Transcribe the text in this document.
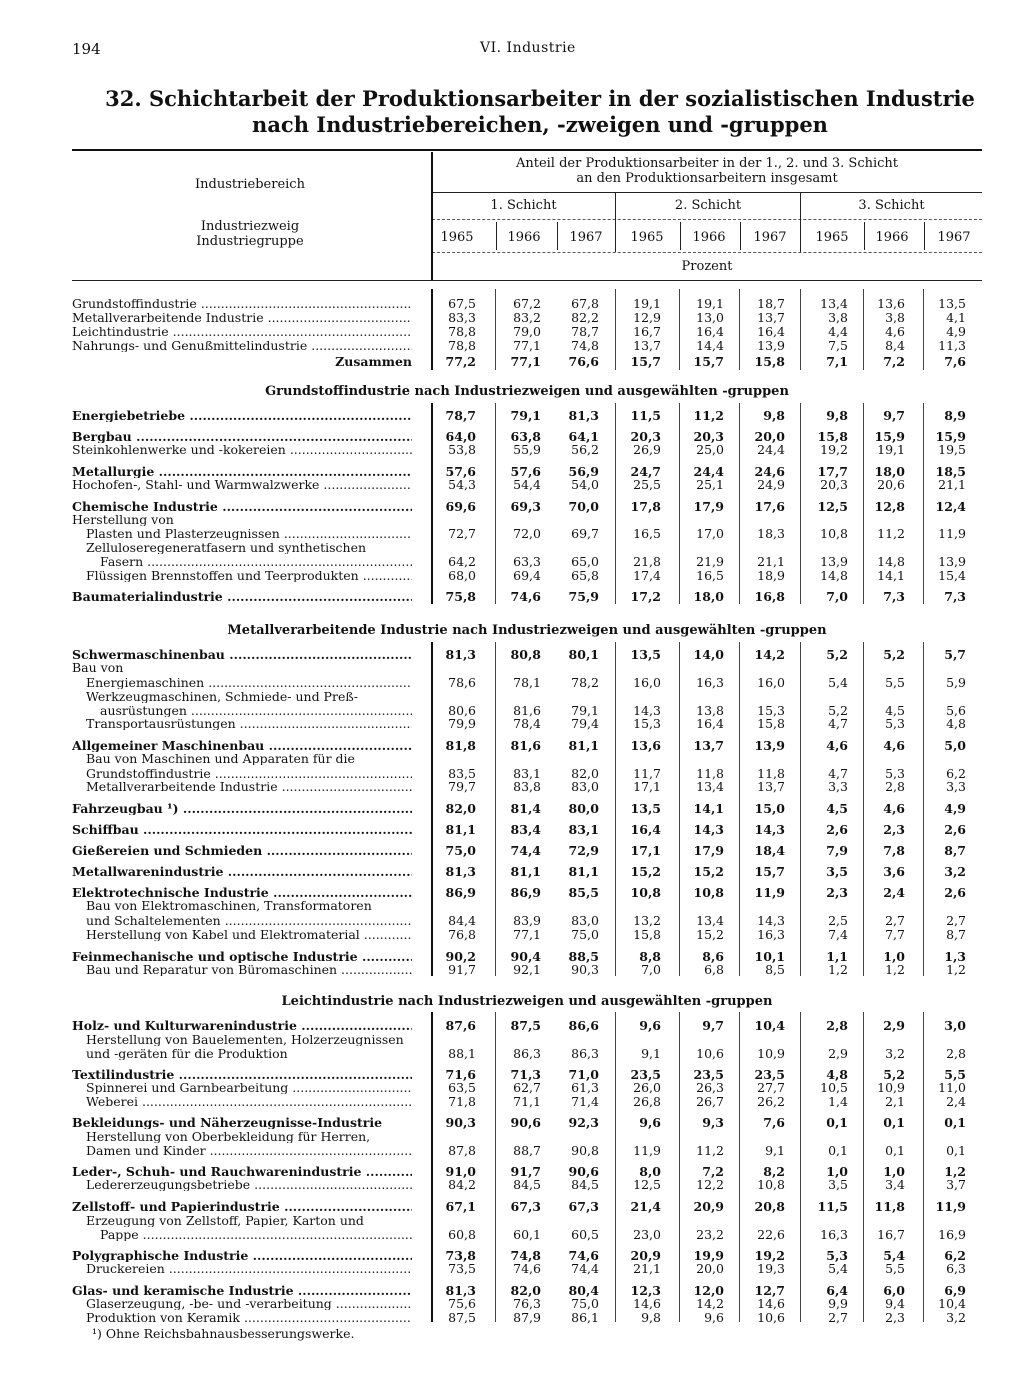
194	VI. Industrie
32. Schichtarbeit der Produktionsarbeiter in der sozialistischen Industrie
nach Industriebereichen, -zweigen und -gruppen
Industriebereich
Industriezweig
Industriegruppe
Anteil der Produktionsarbeiter in der 1., 2. und 3. Schicht
an den Produktionsarbeitern insgesamt
1. Schicht	2. Schicht	3. Schicht
1965	1966	1967	1965	1966	1967	1965	1966	1967
Prozent
Grundstoffindustrie nach Industriezweigen und ausgewählten -gruppen
Metallverarbeitende Industrie nach Industriezweigen und ausgewählten -gruppen
Leichtindustrie nach Industriezweigen und ausgewählten -gruppen
Grundstoffindustrie .....	67,5	67,2	67,8	19,1	19,1	18,7	13,4	13,6	13,5
Metallverarbeitende Industrie .....	83,3	83,2	82,2	12,9	13,0	13,7	3,8	3,8	4,1
Leichtindustrie .....	78,8	79,0	78,7	16,7	16,4	16,4	4,4	4,6	4,9
Nahrungs- und Genußmittelindustrie .....	78,8	77,1	74,8	13,7	14,4	13,9	7,5	8,4	11,3
Zusammen	77,2	77,1	76,6	15,7	15,7	15,8	7,1	7,2	7,6
Energiebetriebe .....	78,7	79,1	81,3	11,5	11,2	9,8	9,8	9,7	8,9
Bergbau .....	64,0	63,8	64,1	20,3	20,3	20,0	15,8	15,9	15,9
Steinkohlenwerke und -kokereien .....	53,8	55,9	56,2	26,9	25,0	24,4	19,2	19,1	19,5
Metallurgie .....	57,6	57,6	56,9	24,7	24,4	24,6	17,7	18,0	18,5
Hochofen-, Stahl- und Warmwalzwerke .....	54,3	54,4	54,0	25,5	25,1	24,9	20,3	20,6	21,1
Chemische Industrie .....	69,6	69,3	70,0	17,8	17,9	17,6	12,5	12,8	12,4
Herstellung von
Plasten und Plasterzeugnissen .....	72,7	72,0	69,7	16,5	17,0	18,3	10,8	11,2	11,9
Zelluloseregeneratfasern und synthetischen
Fasern .....	64,2	63,3	65,0	21,8	21,9	21,1	13,9	14,8	13,9
Flüssigen Brennstoffen und Teerprodukten .....	68,0	69,4	65,8	17,4	16,5	18,9	14,8	14,1	15,4
Baumaterialindustrie .....	75,8	74,6	75,9	17,2	18,0	16,8	7,0	7,3	7,3
Schwermaschinenbau .....	81,3	80,8	80,1	13,5	14,0	14,2	5,2	5,2	5,7
Bau von
Energiemaschinen .....	78,6	78,1	78,2	16,0	16,3	16,0	5,4	5,5	5,9
Werkzeugmaschinen, Schmiede- und Preß-
ausrüstungen .....	80,6	81,6	79,1	14,3	13,8	15,3	5,2	4,5	5,6
Transportausrüstungen .....	79,9	78,4	79,4	15,3	16,4	15,8	4,7	5,3	4,8
Allgemeiner Maschinenbau .....	81,8	81,6	81,1	13,6	13,7	13,9	4,6	4,6	5,0
Bau von Maschinen und Apparaten für die
Grundstoffindustrie .....	83,5	83,1	82,0	11,7	11,8	11,8	4,7	5,3	6,2
Metallverarbeitende Industrie .....	79,7	83,8	83,0	17,1	13,4	13,7	3,3	2,8	3,3
Fahrzeugbau ¹) .....	82,0	81,4	80,0	13,5	14,1	15,0	4,5	4,6	4,9
Schiffbau .....	81,1	83,4	83,1	16,4	14,3	14,3	2,6	2,3	2,6
Gießereien und Schmieden .....	75,0	74,4	72,9	17,1	17,9	18,4	7,9	7,8	8,7
Metallwarenindustrie .....	81,3	81,1	81,1	15,2	15,2	15,7	3,5	3,6	3,2
Elektrotechnische Industrie .....	86,9	86,9	85,5	10,8	10,8	11,9	2,3	2,4	2,6
Bau von Elektromaschinen, Transformatoren
und Schaltelementen .....	84,4	83,9	83,0	13,2	13,4	14,3	2,5	2,7	2,7
Herstellung von Kabel und Elektromaterial .....	76,8	77,1	75,0	15,8	15,2	16,3	7,4	7,7	8,7
Feinmechanische und optische Industrie .....	90,2	90,4	88,5	8,8	8,6	10,1	1,1	1,0	1,3
Bau und Reparatur von Büromaschinen .....	91,7	92,1	90,3	7,0	6,8	8,5	1,2	1,2	1,2
Holz- und Kulturwarenindustrie .....	87,6	87,5	86,6	9,6	9,7	10,4	2,8	2,9	3,0
Herstellung von Bauelementen, Holzerzeugnissen
und -geräten für die Produktion	88,1	86,3	86,3	9,1	10,6	10,9	2,9	3,2	2,8
Textilindustrie .....	71,6	71,3	71,0	23,5	23,5	23,5	4,8	5,2	5,5
Spinnerei und Garnbearbeitung .....	63,5	62,7	61,3	26,0	26,3	27,7	10,5	10,9	11,0
Weberei .....	71,8	71,1	71,4	26,8	26,7	26,2	1,4	2,1	2,4
Bekleidungs- und Näherzeugnisse-Industrie	90,3	90,6	92,3	9,6	9,3	7,6	0,1	0,1	0,1
Herstellung von Oberbekleidung für Herren,
Damen und Kinder .....	87,8	88,7	90,8	11,9	11,2	9,1	0,1	0,1	0,1
Leder-, Schuh- und Rauchwarenindustrie .....	91,0	91,7	90,6	8,0	7,2	8,2	1,0	1,0	1,2
Ledererzeugungsbetriebe .....	84,2	84,5	84,5	12,5	12,2	10,8	3,5	3,4	3,7
Zellstoff- und Papierindustrie .....	67,1	67,3	67,3	21,4	20,9	20,8	11,5	11,8	11,9
Erzeugung von Zellstoff, Papier, Karton und
Pappe .....	60,8	60,1	60,5	23,0	23,2	22,6	16,3	16,7	16,9
Polygraphische Industrie .....	73,8	74,8	74,6	20,9	19,9	19,2	5,3	5,4	6,2
Druckereien .....	73,5	74,6	74,4	21,1	20,0	19,3	5,4	5,5	6,3
Glas- und keramische Industrie .....	81,3	82,0	80,4	12,3	12,0	12,7	6,4	6,0	6,9
Glaserzeugung, -be- und -verarbeitung .....	75,6	76,3	75,0	14,6	14,2	14,6	9,9	9,4	10,4
Produktion von Keramik .....	87,5	87,9	86,1	9,8	9,6	10,6	2,7	2,3	3,2
¹) Ohne Reichsbahnausbesserungswerke.
